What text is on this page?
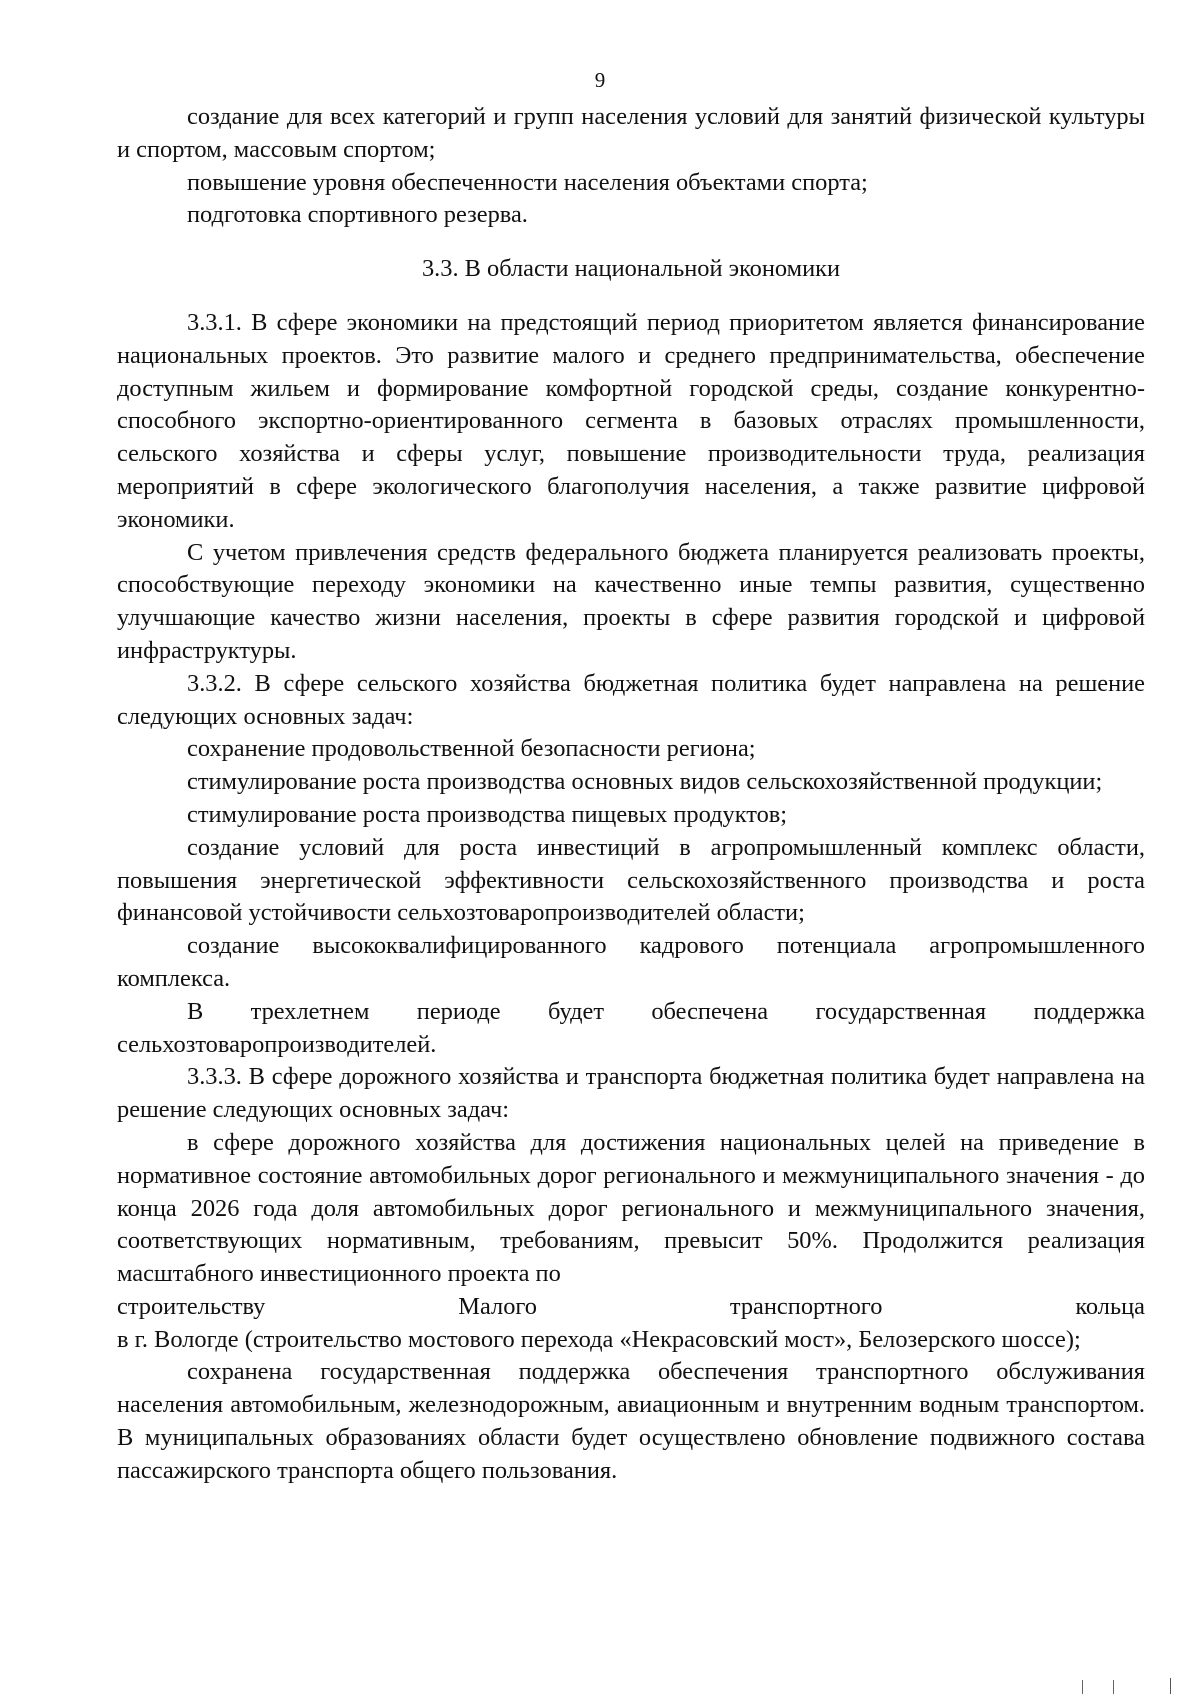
9

создание для всех категорий и групп населения условий для занятий физической культуры и спортом, массовым спортом;

повышение уровня обеспеченности населения объектами спорта;

подготовка спортивного резерва.

3.3. В области национальной экономики

3.3.1. В сфере экономики на предстоящий период приоритетом является финансирование национальных проектов. Это развитие малого и среднего предпринимательства, обеспечение доступным жильем и формирование комфортной городской среды, создание конкурентно-способного экспортно-ориентированного сегмента в базовых отраслях промышленности, сельского хозяйства и сферы услуг, повышение производительности труда, реализация мероприятий в сфере экологического благополучия населения, а также развитие цифровой экономики.

С учетом привлечения средств федерального бюджета планируется реализовать проекты, способствующие переходу экономики на качественно иные темпы развития, существенно улучшающие качество жизни населения, проекты в сфере развития городской и цифровой инфраструктуры.

3.3.2. В сфере сельского хозяйства бюджетная политика будет направлена на решение следующих основных задач:

сохранение продовольственной безопасности региона;

стимулирование роста производства основных видов сельскохозяйственной продукции;

стимулирование роста производства пищевых продуктов;

создание условий для роста инвестиций в агропромышленный комплекс области, повышения энергетической эффективности сельскохозяйственного производства и роста финансовой устойчивости сельхозтоваропроизводителей области;

создание высококвалифицированного кадрового потенциала агропромышленного комплекса.

В трехлетнем периоде будет обеспечена государственная поддержка сельхозтоваропроизводителей.

3.3.3. В сфере дорожного хозяйства и транспорта бюджетная политика будет направлена на решение следующих основных задач:

в сфере дорожного хозяйства для достижения национальных целей на приведение в нормативное состояние автомобильных дорог регионального и межмуниципального значения - до конца 2026 года доля автомобильных дорог регионального и межмуниципального значения, соответствующих нормативным, требованиям, превысит 50%. Продолжится реализация масштабного инвестиционного проекта по

строительству	Малого	транспортного	кольца

в г. Вологде (строительство мостового перехода «Некрасовский мост», Белозерского шоссе);

сохранена государственная поддержка обеспечения транспортного обслуживания населения автомобильным, железнодорожным, авиационным и внутренним водным транспортом. В муниципальных образованиях области будет осуществлено обновление подвижного состава пассажирского транспорта общего пользования.
